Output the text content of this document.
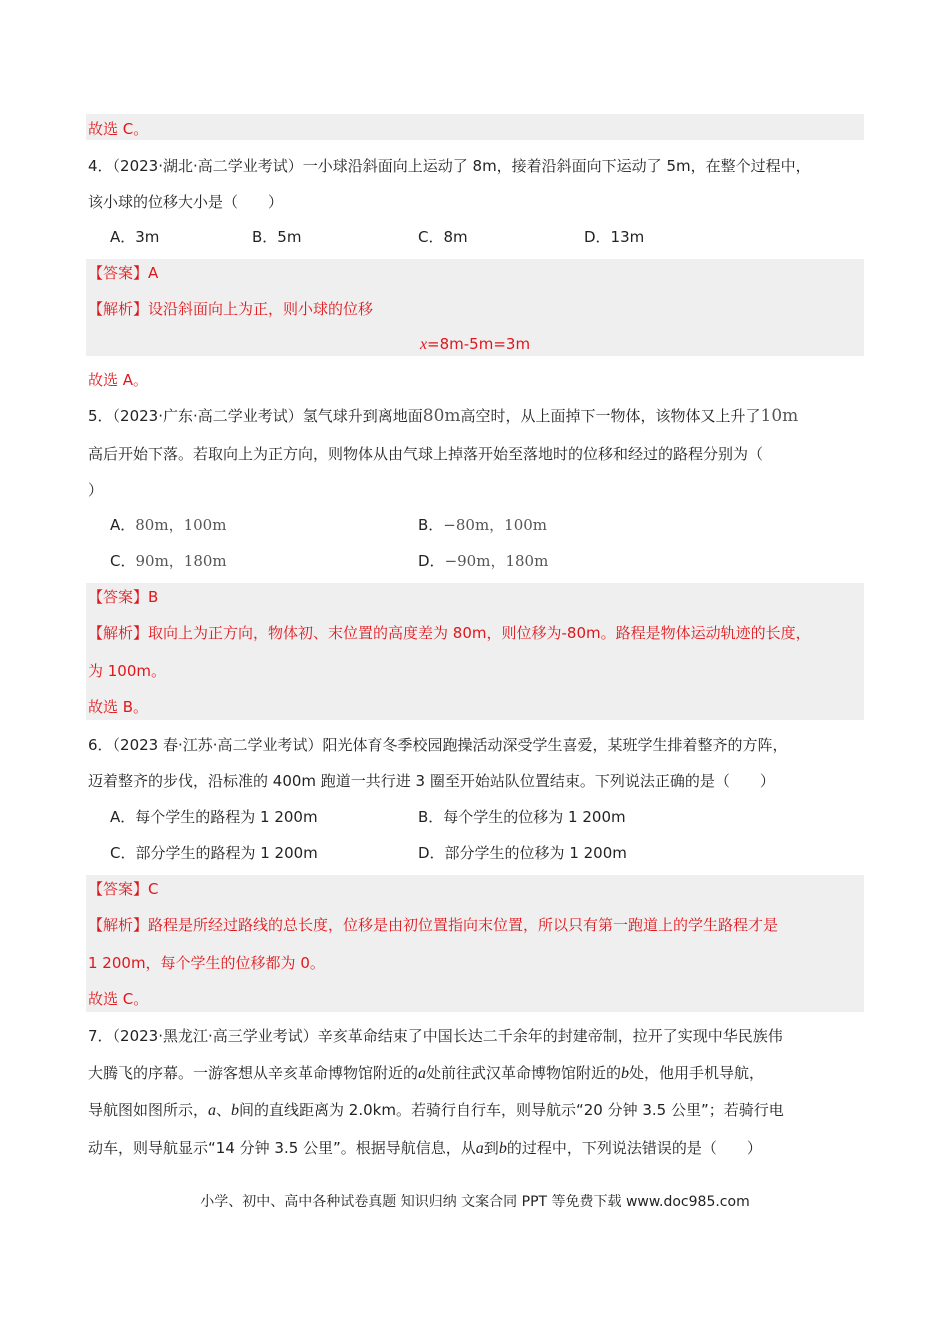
故选 C。
4．（2023·湖北·高二学业考试）一小球沿斜面向上运动了 8m，接着沿斜面向下运动了 5m，在整个过程中，
该小球的位移大小是（　　）
A．3m	B．5m	C．8m	D．13m
【答案】A
【解析】设沿斜面向上为正，则小球的位移
x=8m-5m=3m
故选 A。
5．（2023·广东·高二学业考试）氢气球升到离地面80m高空时，从上面掉下一物体，该物体又上升了10m
高后开始下落。若取向上为正方向，则物体从由气球上掉落开始至落地时的位移和经过的路程分别为（
）
A．80m，100m	B．−80m，100m
C．90m，180m	D．−90m，180m
【答案】B
【解析】取向上为正方向，物体初、末位置的高度差为 80m，则位移为-80m。路程是物体运动轨迹的长度，
为 100m。
故选 B。
6．（2023 春·江苏·高二学业考试）阳光体育冬季校园跑操活动深受学生喜爱，某班学生排着整齐的方阵，
迈着整齐的步伐，沿标准的 400m 跑道一共行进 3 圈至开始站队位置结束。下列说法正确的是（　　）
A．每个学生的路程为 1 200m	B．每个学生的位移为 1 200m
C．部分学生的路程为 1 200m	D．部分学生的位移为 1 200m
【答案】C
【解析】路程是所经过路线的总长度，位移是由初位置指向末位置，所以只有第一跑道上的学生路程才是
1 200m，每个学生的位移都为 0。
故选 C。
7．（2023·黑龙江·高三学业考试）辛亥革命结束了中国长达二千余年的封建帝制，拉开了实现中华民族伟
大腾飞的序幕。一游客想从辛亥革命博物馆附近的a处前往武汉革命博物馆附近的b处，他用手机导航，
导航图如图所示，a、b间的直线距离为 2.0km。若骑行自行车，则导航示“20 分钟 3.5 公里”；若骑行电
动车，则导航显示“14 分钟 3.5 公里”。根据导航信息，从a到b的过程中，下列说法错误的是（　　）
小学、初中、高中各种试卷真题 知识归纳 文案合同 PPT 等免费下载 www.doc985.com
